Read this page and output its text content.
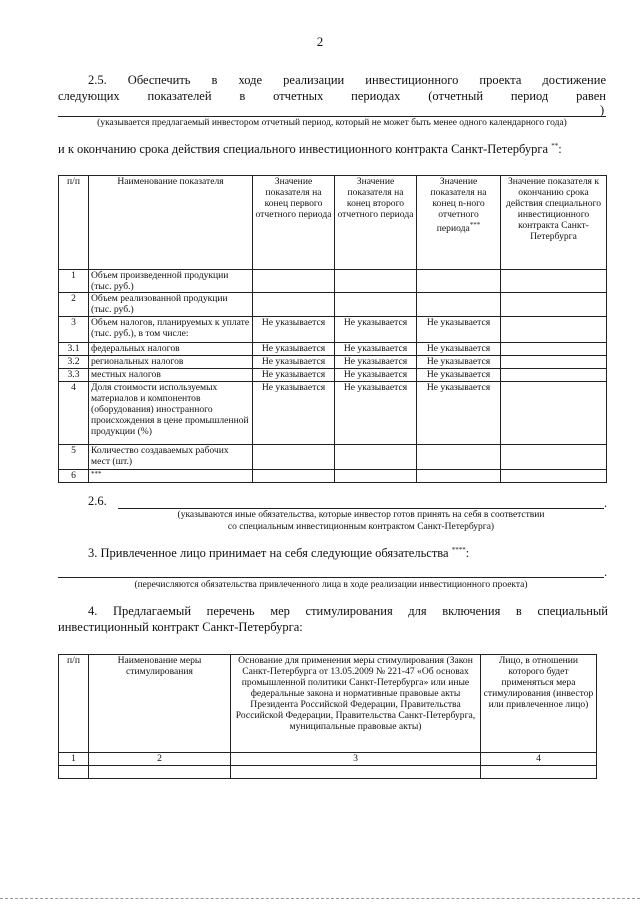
2
2.5. Обеспечить в ходе реализации инвестиционного проекта достижение
следующих показателей в отчетных периодах (отчетный период равен
)
(указывается предлагаемый инвестором отчетный период, который не может быть менее одного календарного года)
и к окончанию срока действия специального инвестиционного контракта Санкт-Петербурга **:
п/п	Наименование показателя	Значение показателя на конец первого отчетного периода	Значение показателя на конец второго отчетного периода	Значение показателя на конец n-ного отчетного периода***	Значение показателя к окончанию срока действия специального инвестиционного контракта Санкт-Петербурга
1	Объем произведенной продукции (тыс. руб.)				
2	Объем реализованной продукции (тыс. руб.)				
3	Объем налогов, планируемых к уплате (тыс. руб.), в том числе:	Не указывается	Не указывается	Не указывается	
3.1	федеральных налогов	Не указывается	Не указывается	Не указывается	
3.2	региональных налогов	Не указывается	Не указывается	Не указывается	
3.3	местных налогов	Не указывается	Не указывается	Не указывается	
4	Доля стоимости используемых материалов и компонентов (оборудования) иностранного происхождения в цене промышленной продукции (%)	Не указывается	Не указывается	Не указывается	
5	Количество создаваемых рабочих мест (шт.)				
6	***				
2.6.	.
(указываются иные обязательства, которые инвестор готов принять на себя в соответствии
со специальным инвестиционным контрактом Санкт-Петербурга)
3. Привлеченное лицо принимает на себя следующие обязательства ****:
.
(перечисляются обязательства привлеченного лица в ходе реализации инвестиционного проекта)
4. Предлагаемый перечень мер стимулирования для включения в специальный
инвестиционный контракт Санкт-Петербурга:
п/п	Наименование меры стимулирования	Основание для применения меры стимулирования (Закон Санкт-Петербурга от 13.05.2009 № 221-47 «Об основах промышленной политики Санкт-Петербурга» или иные федеральные закона и нормативные правовые акты Президента Российской Федерации, Правительства Российской Федерации, Правительства Санкт-Петербурга, муниципальные правовые акты)	Лицо, в отношении которого будет применяться мера стимулирования (инвестор или привлеченное лицо)
1	2	3	4
